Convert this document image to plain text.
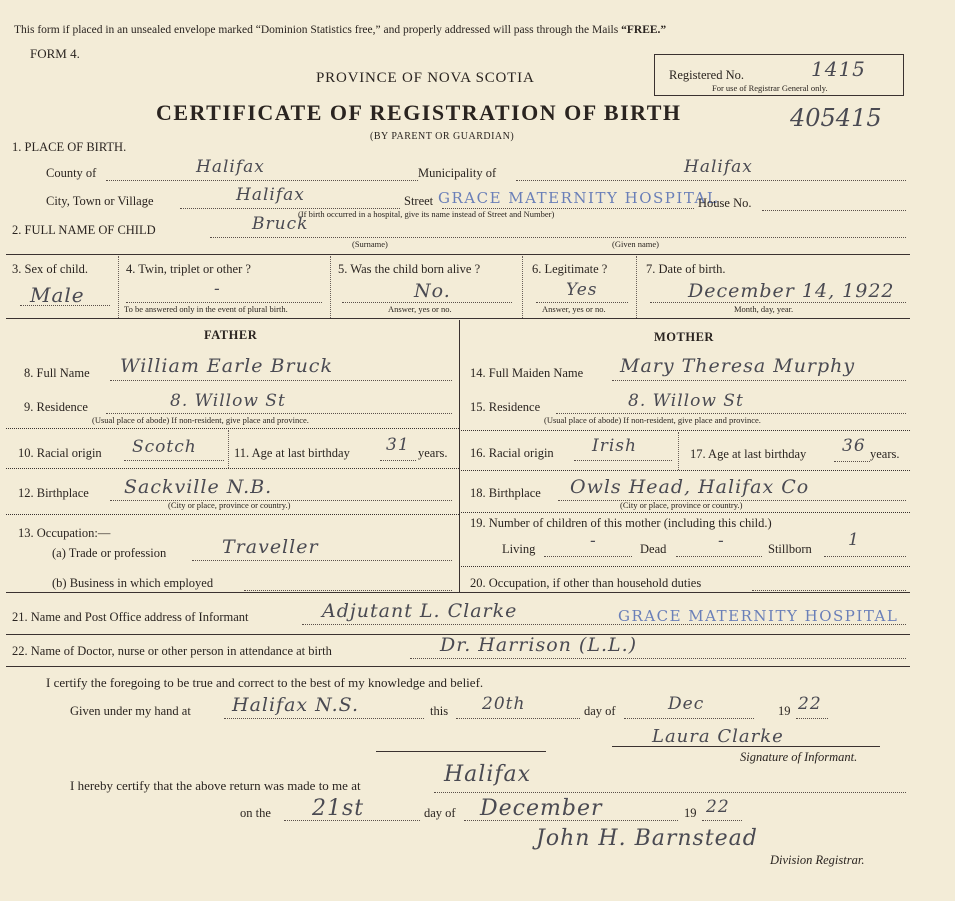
This form if placed in an unsealed envelope marked “Dominion Statistics free,” and properly addressed will pass through the Mails “FREE.”
FORM 4.
PROVINCE OF NOVA SCOTIA	Registered No.	1415
For use of Registrar General only.
CERTIFICATE OF REGISTRATION OF BIRTH	405415
(BY PARENT OR GUARDIAN)
1. PLACE OF BIRTH.
County of	Halifax	Municipality of	Halifax
City, Town or Village	Halifax	Street GRACE MATERNITY HOSPITAL
House No.
(If birth occurred in a hospital, give its name instead of Street and Number)
2. FULL NAME OF CHILD	Bruck
(Surname)	(Given name)
3. Sex of child.
Male
4. Twin, triplet or other ?
-
To be answered only in the event of plural birth.
5. Was the child born alive ?
No.
Answer, yes or no.
6. Legitimate ?
Yes
Answer, yes or no.
7. Date of birth.
December 14, 1922
Month, day, year.
FATHER	MOTHER
8. Full Name William Earle Bruck
9. Residence	8. Willow St
(Usual place of abode) If non-resident, give place and province.
10. Racial origin Scotch	11. Age at last birthday 31 years.
12. Birthplace Sackville N.B.
(City or place, province or country.)
13. Occupation:—
(a) Trade or profession	Traveller
(b) Business in which employed
14. Full Maiden Name Mary Theresa Murphy
15. Residence	8. Willow St
(Usual place of abode) If non-resident, give place and province.
16. Racial origin Irish	17. Age at last birthday 36 years.
18. Birthplace Owls Head, Halifax Co
(City or place, province or country.)
19. Number of children of this mother (including this child.)
Living	-	Dead	-	Stillborn 1
20. Occupation, if other than household duties
21. Name and Post Office address of Informant	Adjutant L. Clarke	GRACE MATERNITY HOSPITAL
22. Name of Doctor, nurse or other person in attendance at birth	Dr. Harrison (L.L.)
I certify the foregoing to be true and correct to the best of my knowledge and belief.
Given under my hand at Halifax N.S.	this 20th	day of	Dec	19 22
Laura Clarke
Signature of Informant.
I hereby certify that the above return was made to me at	Halifax
on the 21st	day of December	19 22
John H. Barnstead
Division Registrar.
